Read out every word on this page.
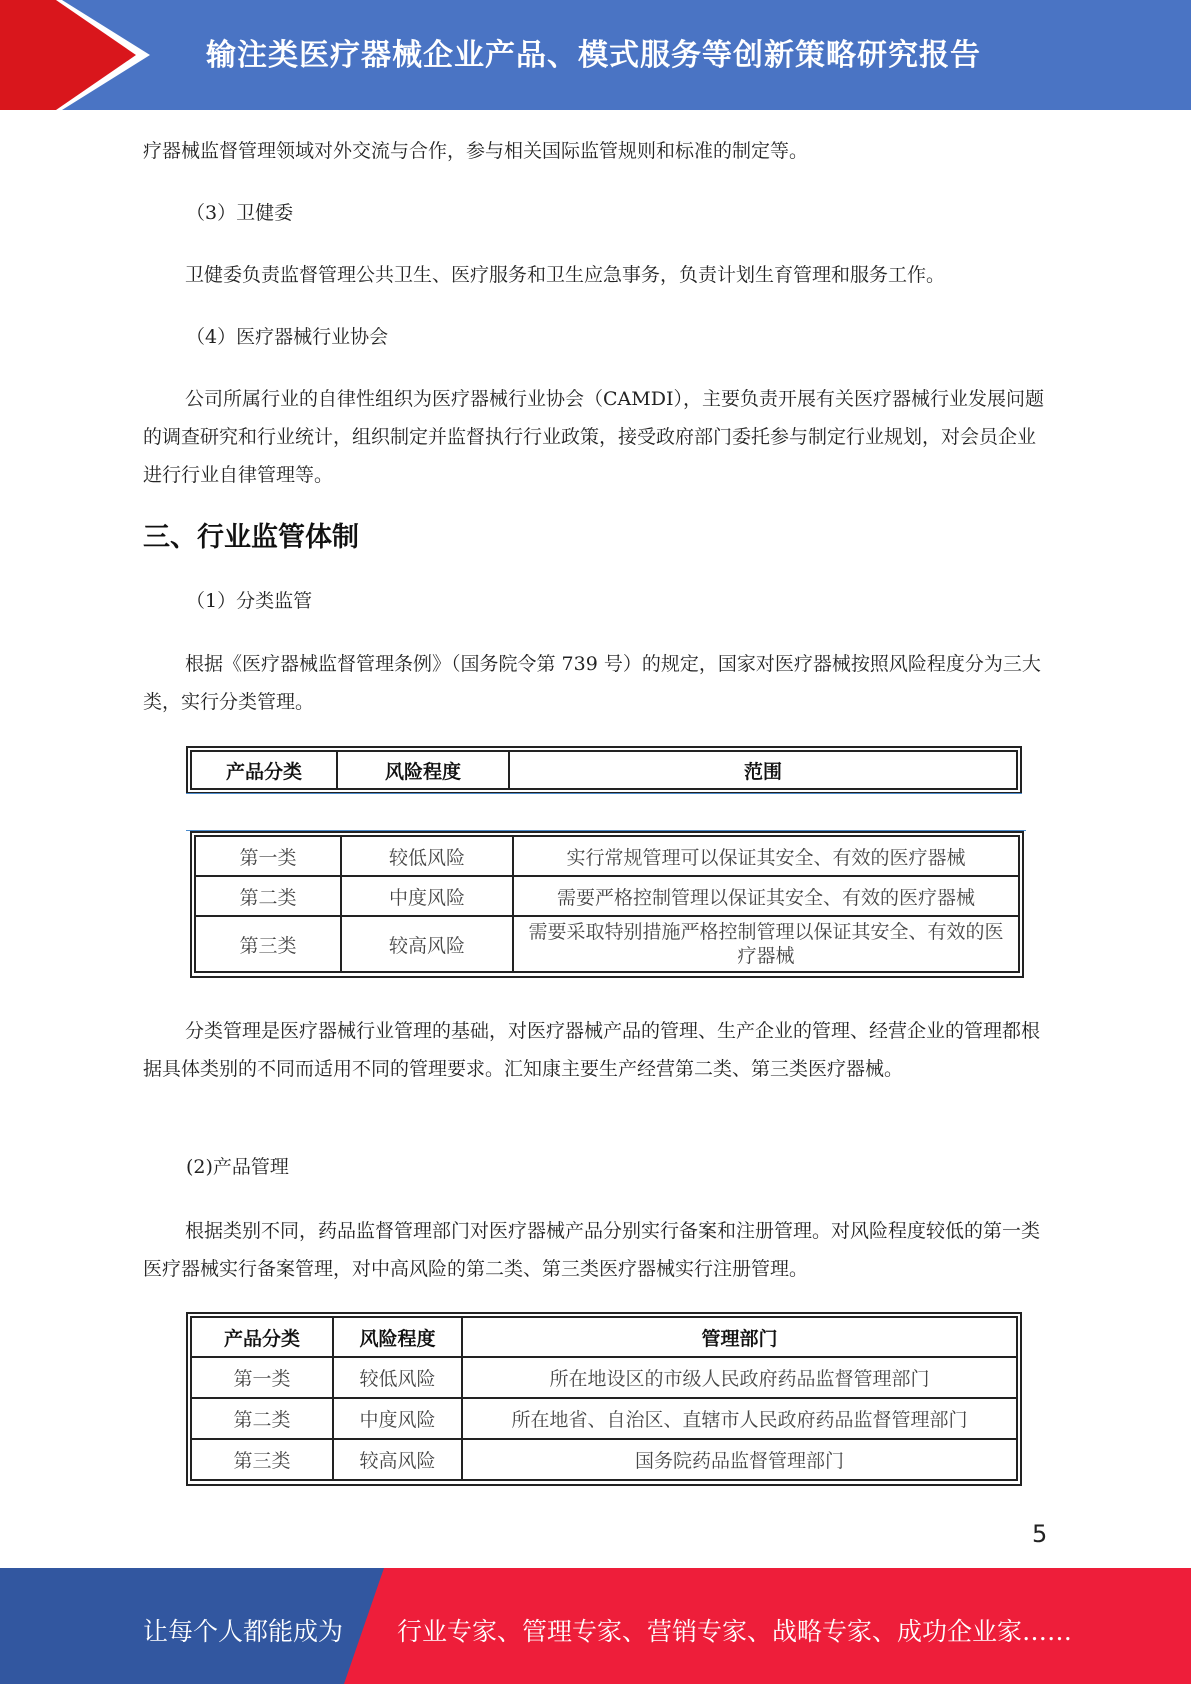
输注类医疗器械企业产品、模式服务等创新策略研究报告

疗器械监督管理领域对外交流与合作，参与相关国际监管规则和标准的制定等。

（3）卫健委

卫健委负责监督管理公共卫生、医疗服务和卫生应急事务，负责计划生育管理和服务工作。

（4）医疗器械行业协会

公司所属行业的自律性组织为医疗器械行业协会（CAMDI），主要负责开展有关医疗器械行业发展问题的调查研究和行业统计，组织制定并监督执行行业政策，接受政府部门委托参与制定行业规划，对会员企业进行行业自律管理等。

三、行业监管体制

（1）分类监管

根据《医疗器械监督管理条例》（国务院令第 739 号）的规定，国家对医疗器械按照风险程度分为三大类，实行分类管理。

产品分类	风险程度	范围
第一类	较低风险	实行常规管理可以保证其安全、有效的医疗器械
第二类	中度风险	需要严格控制管理以保证其安全、有效的医疗器械
第三类	较高风险	需要采取特别措施严格控制管理以保证其安全、有效的医疗器械

分类管理是医疗器械行业管理的基础，对医疗器械产品的管理、生产企业的管理、经营企业的管理都根据具体类别的不同而适用不同的管理要求。汇知康主要生产经营第二类、第三类医疗器械。

(2)产品管理

根据类别不同，药品监督管理部门对医疗器械产品分别实行备案和注册管理。对风险程度较低的第一类医疗器械实行备案管理，对中高风险的第二类、第三类医疗器械实行注册管理。

产品分类	风险程度	管理部门
第一类	较低风险	所在地设区的市级人民政府药品监督管理部门
第二类	中度风险	所在地省、自治区、直辖市人民政府药品监督管理部门
第三类	较高风险	国务院药品监督管理部门
5
让每个人都能成为 行业专家、管理专家、营销专家、战略专家、成功企业家……
